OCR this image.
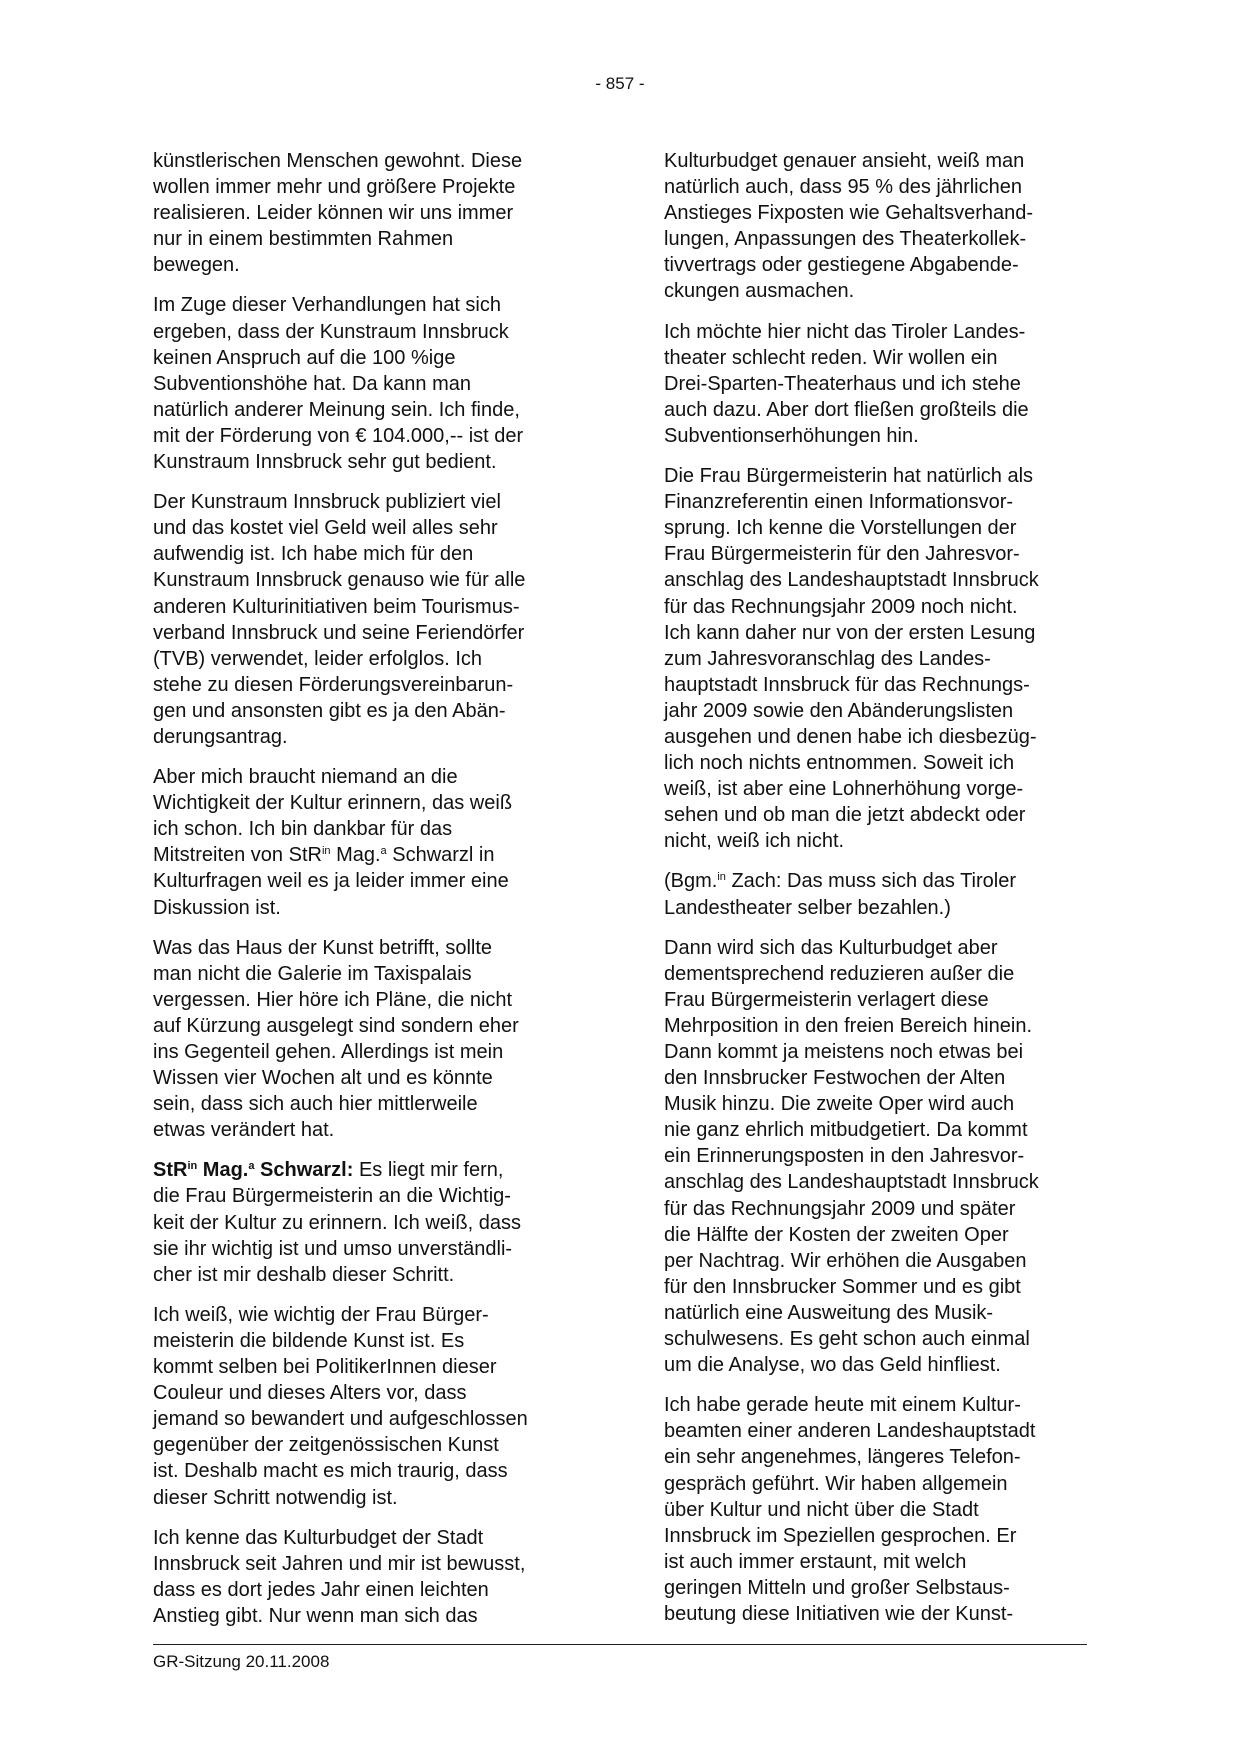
- 857 -

künstlerischen Menschen gewohnt. Diese
wollen immer mehr und größere Projekte
realisieren. Leider können wir uns immer
nur in einem bestimmten Rahmen
bewegen.

Im Zuge dieser Verhandlungen hat sich
ergeben, dass der Kunstraum Innsbruck
keinen Anspruch auf die 100 %ige
Subventionshöhe hat. Da kann man
natürlich anderer Meinung sein. Ich finde,
mit der Förderung von € 104.000,-- ist der
Kunstraum Innsbruck sehr gut bedient.

Der Kunstraum Innsbruck publiziert viel
und das kostet viel Geld weil alles sehr
aufwendig ist. Ich habe mich für den
Kunstraum Innsbruck genauso wie für alle
anderen Kulturinitiativen beim Tourismus-
verband Innsbruck und seine Feriendörfer
(TVB) verwendet, leider erfolglos. Ich
stehe zu diesen Förderungsvereinbarun-
gen und ansonsten gibt es ja den Abän-
derungsantrag.

Aber mich braucht niemand an die
Wichtigkeit der Kultur erinnern, das weiß
ich schon. Ich bin dankbar für das
Mitstreiten von StR$^{in}$ Mag.$^a$ Schwarzl in
Kulturfragen weil es ja leider immer eine
Diskussion ist.

Was das Haus der Kunst betrifft, sollte
man nicht die Galerie im Taxispalais
vergessen. Hier höre ich Pläne, die nicht
auf Kürzung ausgelegt sind sondern eher
ins Gegenteil gehen. Allerdings ist mein
Wissen vier Wochen alt und es könnte
sein, dass sich auch hier mittlerweile
etwas verändert hat.

StR$^{in}$ Mag.$^a$ Schwarzl: Es liegt mir fern,
die Frau Bürgermeisterin an die Wichtig-
keit der Kultur zu erinnern. Ich weiß, dass
sie ihr wichtig ist und umso unverständli-
cher ist mir deshalb dieser Schritt.

Ich weiß, wie wichtig der Frau Bürger-
meisterin die bildende Kunst ist. Es
kommt selben bei PolitikerInnen dieser
Couleur und dieses Alters vor, dass
jemand so bewandert und aufgeschlossen
gegenüber der zeitgenössischen Kunst
ist. Deshalb macht es mich traurig, dass
dieser Schritt notwendig ist.

Ich kenne das Kulturbudget der Stadt
Innsbruck seit Jahren und mir ist bewusst,
dass es dort jedes Jahr einen leichten
Anstieg gibt. Nur wenn man sich das

Kulturbudget genauer ansieht, weiß man
natürlich auch, dass 95 % des jährlichen
Anstieges Fixposten wie Gehaltsverhand-
lungen, Anpassungen des Theaterkollek-
tivvertrags oder gestiegene Abgabende-
ckungen ausmachen.

Ich möchte hier nicht das Tiroler Landes-
theater schlecht reden. Wir wollen ein
Drei-Sparten-Theaterhaus und ich stehe
auch dazu. Aber dort fließen großteils die
Subventionserhöhungen hin.

Die Frau Bürgermeisterin hat natürlich als
Finanzreferentin einen Informationsvor-
sprung. Ich kenne die Vorstellungen der
Frau Bürgermeisterin für den Jahresvor-
anschlag des Landeshauptstadt Innsbruck
für das Rechnungsjahr 2009 noch nicht.
Ich kann daher nur von der ersten Lesung
zum Jahresvoranschlag des Landes-
hauptstadt Innsbruck für das Rechnungs-
jahr 2009 sowie den Abänderungslisten
ausgehen und denen habe ich diesbezüg-
lich noch nichts entnommen. Soweit ich
weiß, ist aber eine Lohnerhöhung vorge-
sehen und ob man die jetzt abdeckt oder
nicht, weiß ich nicht.

(Bgm.$^{in}$ Zach: Das muss sich das Tiroler
Landestheater selber bezahlen.)

Dann wird sich das Kulturbudget aber
dementsprechend reduzieren außer die
Frau Bürgermeisterin verlagert diese
Mehrposition in den freien Bereich hinein.
Dann kommt ja meistens noch etwas bei
den Innsbrucker Festwochen der Alten
Musik hinzu. Die zweite Oper wird auch
nie ganz ehrlich mitbudgetiert. Da kommt
ein Erinnerungsposten in den Jahresvor-
anschlag des Landeshauptstadt Innsbruck
für das Rechnungsjahr 2009 und später
die Hälfte der Kosten der zweiten Oper
per Nachtrag. Wir erhöhen die Ausgaben
für den Innsbrucker Sommer und es gibt
natürlich eine Ausweitung des Musik-
schulwesens. Es geht schon auch einmal
um die Analyse, wo das Geld hinfliest.

Ich habe gerade heute mit einem Kultur-
beamten einer anderen Landeshauptstadt
ein sehr angenehmes, längeres Telefon-
gespräch geführt. Wir haben allgemein
über Kultur und nicht über die Stadt
Innsbruck im Speziellen gesprochen. Er
ist auch immer erstaunt, mit welch
geringen Mitteln und großer Selbstaus-
beutung diese Initiativen wie der Kunst-

GR-Sitzung 20.11.2008
